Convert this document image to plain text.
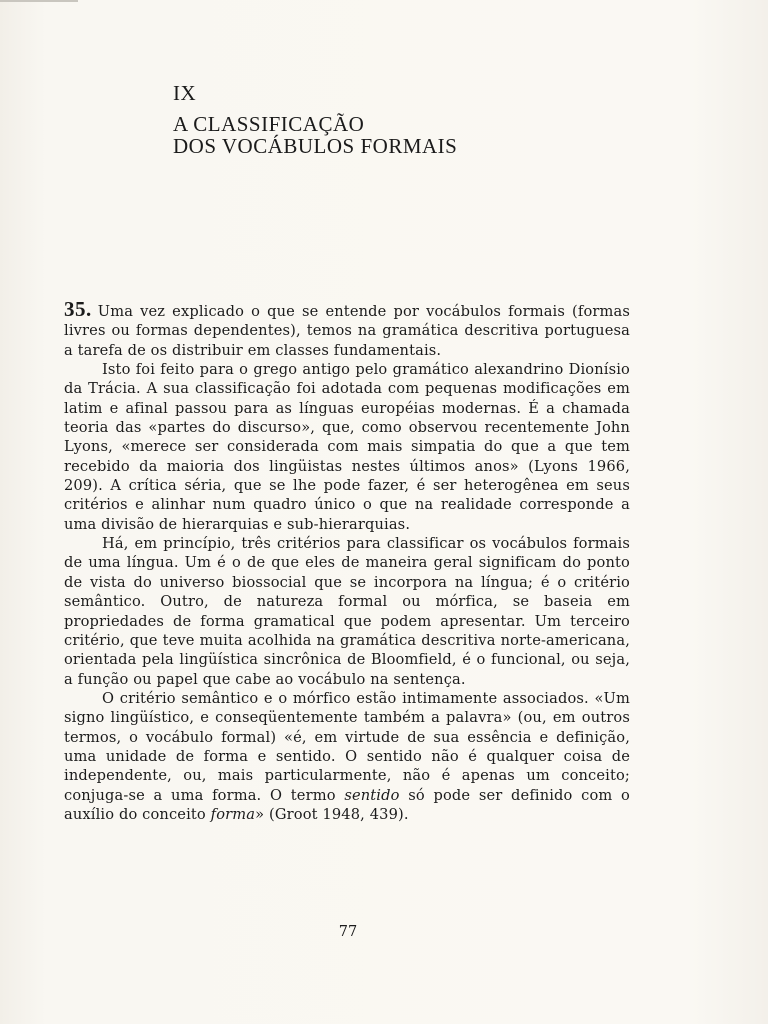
IX
A CLASSIFICAÇÃO
DOS VOCÁBULOS FORMAIS

35. Uma vez explicado o que se entende por vocábulos formais (formas livres ou formas dependentes), temos na gramática descritiva portuguesa a tarefa de os distribuir em classes fundamentais.

Isto foi feito para o grego antigo pelo gramático alexandrino Dionísio da Trácia. A sua classificação foi adotada com pequenas modificações em latim e afinal passou para as línguas européias modernas. É a chamada teoria das «partes do discurso», que, como observou recentemente John Lyons, «merece ser considerada com mais simpatia do que a que tem recebido da maioria dos lingüistas nestes últimos anos» (Lyons 1966, 209). A crítica séria, que se lhe pode fazer, é ser heterogênea em seus critérios e alinhar num quadro único o que na realidade corresponde a uma divisão de hierarquias e sub-hierarquias.

Há, em princípio, três critérios para classificar os vocábulos formais de uma língua. Um é o de que eles de maneira geral significam do ponto de vista do universo biossocial que se incorpora na língua; é o critério semântico. Outro, de natureza formal ou mórfica, se baseia em propriedades de forma gramatical que podem apresentar. Um terceiro critério, que teve muita acolhida na gramática descritiva norte-americana, orientada pela lingüística sincrônica de Bloomfield, é o funcional, ou seja, a função ou papel que cabe ao vocábulo na sentença.

O critério semântico e o mórfico estão intimamente associados. «Um signo lingüístico, e conseqüentemente também a palavra» (ou, em outros termos, o vocábulo formal) «é, em virtude de sua essência e definição, uma unidade de forma e sentido. O sentido não é qualquer coisa de independente, ou, mais particularmente, não é apenas um conceito; conjuga-se a uma forma. O termo sentido só pode ser definido com o auxílio do conceito forma» (Groot 1948, 439).

77
